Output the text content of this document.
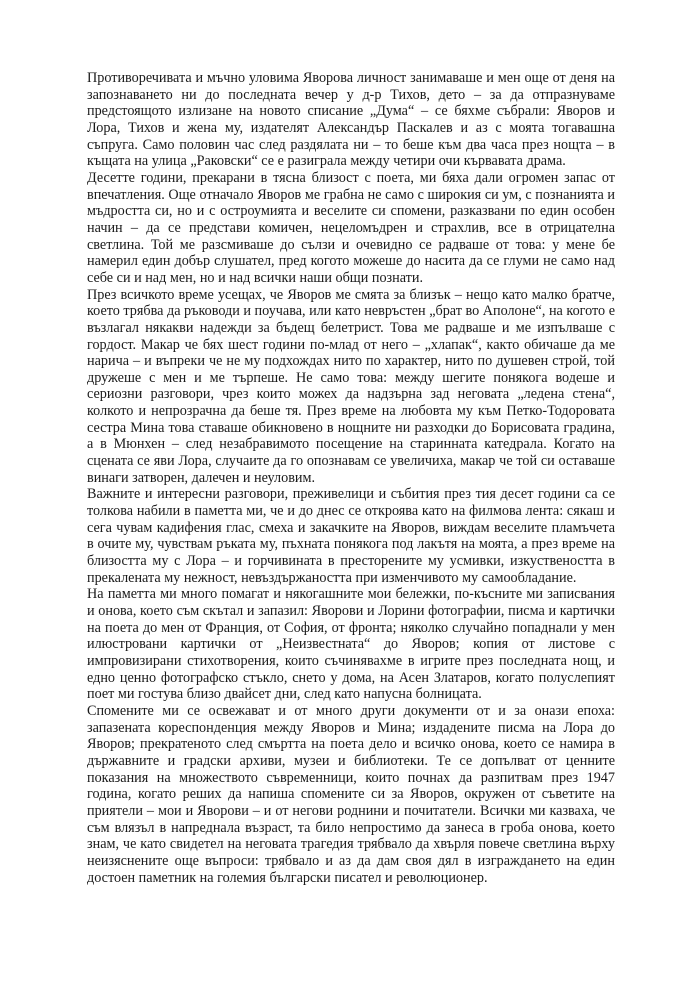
Противоречивата и мъчно уловима Яворова личност занимаваше и мен още от деня на запознаването ни до последната вечер у д-р Тихов, дето – за да отпразнуваме предстоящото излизане на новото списание „Дума“ – се бяхме събрали: Яворов и Лора, Тихов и жена му, издателят Александър Паскалев и аз с моята тогавашна съпруга. Само половин час след раздялата ни – то беше към два часа през нощта – в къщата на улица „Раковски“ се е разиграла между четири очи кървавата драма.

Десетте години, прекарани в тясна близост с поета, ми бяха дали огромен запас от впечатления. Още отначало Яворов ме грабна не само с широкия си ум, с познанията и мъдростта си, но и с остроумията и веселите си спомени, разказвани по един особен начин – да се представи комичен, нецеломъдрен и страхлив, все в отрицателна светлина. Той ме разсмиваше до сълзи и очевидно се радваше от това: у мене бе намерил един добър слушател, пред когото можеше до насита да се глуми не само над себе си и над мен, но и над всички наши общи познати.

През всичкото време усещах, че Яворов ме смята за близък – нещо като малко братче, което трябва да ръководи и поучава, или като невръстен „брат во Аполоне“, на когото е възлагал някакви надежди за бъдещ белетрист. Това ме радваше и ме изпълваше с гордост. Макар че бях шест години по-млад от него – „хлапак“, както обичаше да ме нарича – и въпреки че не му подхождах нито по характер, нито по душевен строй, той дружеше с мен и ме търпеше. Не само това: между шегите понякога водеше и сериозни разговори, чрез които можех да надзърна зад неговата „ледена стена“, колкото и непрозрачна да беше тя. През време на любовта му към Петко-Тодоровата сестра Мина това ставаше обикновено в нощните ни разходки до Борисовата градина, а в Мюнхен – след незабравимото посещение на старинната катедрала. Когато на сцената се яви Лора, случаите да го опознавам се увеличиха, макар че той си оставаше винаги затворен, далечен и неуловим.

Важните и интересни разговори, преживелици и събития през тия десет години са се толкова набили в паметта ми, че и до днес се откроява като на филмова лента: сякаш и сега чувам кадифения глас, смеха и закачките на Яворов, виждам веселите пламъчета в очите му, чувствам ръката му, пъхната понякога под лакътя на моята, а през време на близостта му с Лора – и горчивината в престорените му усмивки, изкуствеността в прекалената му нежност, невъздържаността при изменчивото му самообладание.

На паметта ми много помагат и някогашните мои бележки, по-късните ми записвания и онова, което съм скътал и запазил: Яворови и Лорини фотографии, писма и картички на поета до мен от Франция, от София, от фронта; няколко случайно попаднали у мен илюстровани картички от „Неизвестната“ до Яворов; копия от листове с импровизирани стихотворения, които съчинявахме в игрите през последната нощ, и едно ценно фотографско стъкло, снето у дома, на Асен Златаров, когато полуслепият поет ми гостува близо двайсет дни, след като напусна болницата.

Спомените ми се освежават и от много други документи от и за онази епоха: запазената кореспонденция между Яворов и Мина; издадените писма на Лора до Яворов; прекратеното след смъртта на поета дело и всичко онова, което се намира в държавните и градски архиви, музеи и библиотеки. Те се допълват от ценните показания на множеството съвременници, които почнах да разпитвам през 1947 година, когато реших да напиша спомените си за Яворов, окружен от съветите на приятели – мои и Яворови – и от негови роднини и почитатели. Всички ми казваха, че съм влязъл в напреднала възраст, та било непростимо да занеса в гроба онова, което знам, че като свидетел на неговата трагедия трябвало да хвърля повече светлина върху неизяснените още въпроси: трябвало и аз да дам своя дял в изграждането на един достоен паметник на големия български писател и революционер.
